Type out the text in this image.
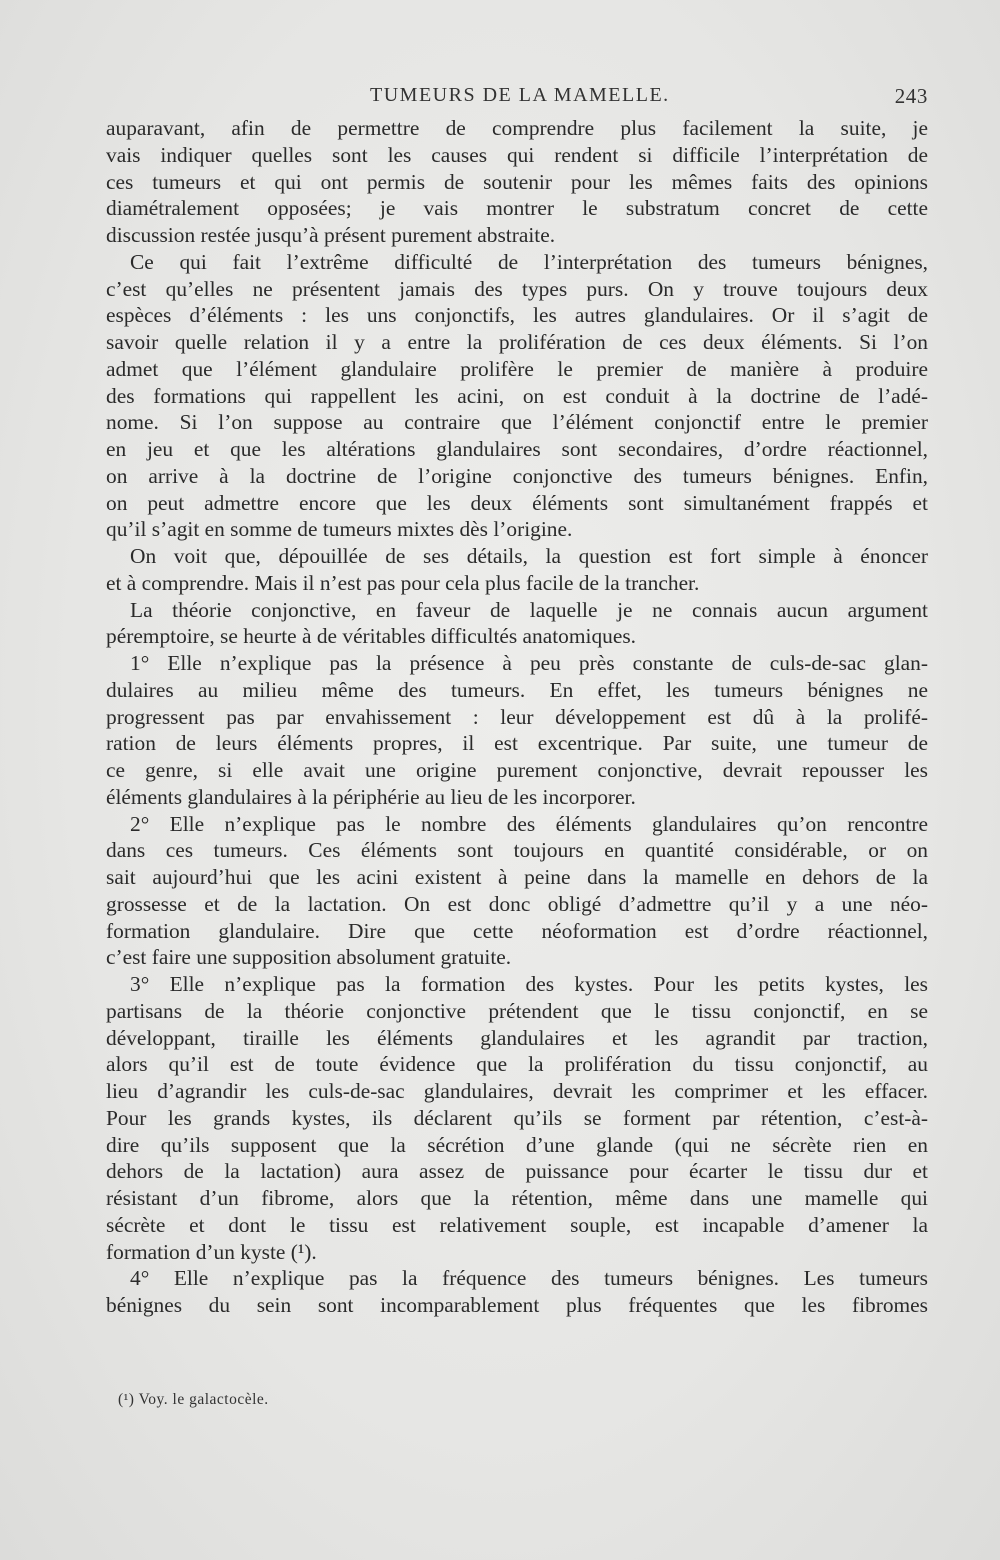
TUMEURS DE LA MAMELLE.	243
auparavant, afin de permettre de comprendre plus facilement la suite, je
vais indiquer quelles sont les causes qui rendent si difficile l’interprétation de
ces tumeurs et qui ont permis de soutenir pour les mêmes faits des opinions
diamétralement opposées; je vais montrer le substratum concret de cette
discussion restée jusqu’à présent purement abstraite.
Ce qui fait l’extrême difficulté de l’interprétation des tumeurs bénignes,
c’est qu’elles ne présentent jamais des types purs. On y trouve toujours deux
espèces d’éléments : les uns conjonctifs, les autres glandulaires. Or il s’agit de
savoir quelle relation il y a entre la prolifération de ces deux éléments. Si l’on
admet que l’élément glandulaire prolifère le premier de manière à produire
des formations qui rappellent les acini, on est conduit à la doctrine de l’adé-
nome. Si l’on suppose au contraire que l’élément conjonctif entre le premier
en jeu et que les altérations glandulaires sont secondaires, d’ordre réactionnel,
on arrive à la doctrine de l’origine conjonctive des tumeurs bénignes. Enfin,
on peut admettre encore que les deux éléments sont simultanément frappés et
qu’il s’agit en somme de tumeurs mixtes dès l’origine.
On voit que, dépouillée de ses détails, la question est fort simple à énoncer
et à comprendre. Mais il n’est pas pour cela plus facile de la trancher.
La théorie conjonctive, en faveur de laquelle je ne connais aucun argument
péremptoire, se heurte à de véritables difficultés anatomiques.
1° Elle n’explique pas la présence à peu près constante de culs-de-sac glan-
dulaires au milieu même des tumeurs. En effet, les tumeurs bénignes ne
progressent pas par envahissement : leur développement est dû à la prolifé-
ration de leurs éléments propres, il est excentrique. Par suite, une tumeur de
ce genre, si elle avait une origine purement conjonctive, devrait repousser les
éléments glandulaires à la périphérie au lieu de les incorporer.
2° Elle n’explique pas le nombre des éléments glandulaires qu’on rencontre
dans ces tumeurs. Ces éléments sont toujours en quantité considérable, or on
sait aujourd’hui que les acini existent à peine dans la mamelle en dehors de la
grossesse et de la lactation. On est donc obligé d’admettre qu’il y a une néo-
formation glandulaire. Dire que cette néoformation est d’ordre réactionnel,
c’est faire une supposition absolument gratuite.
3° Elle n’explique pas la formation des kystes. Pour les petits kystes, les
partisans de la théorie conjonctive prétendent que le tissu conjonctif, en se
développant, tiraille les éléments glandulaires et les agrandit par traction,
alors qu’il est de toute évidence que la prolifération du tissu conjonctif, au
lieu d’agrandir les culs-de-sac glandulaires, devrait les comprimer et les effacer.
Pour les grands kystes, ils déclarent qu’ils se forment par rétention, c’est-à-
dire qu’ils supposent que la sécrétion d’une glande (qui ne sécrète rien en
dehors de la lactation) aura assez de puissance pour écarter le tissu dur et
résistant d’un fibrome, alors que la rétention, même dans une mamelle qui
sécrète et dont le tissu est relativement souple, est incapable d’amener la
formation d’un kyste (¹).
4° Elle n’explique pas la fréquence des tumeurs bénignes. Les tumeurs
bénignes du sein sont incomparablement plus fréquentes que les fibromes
(¹) Voy. le galactocèle.
